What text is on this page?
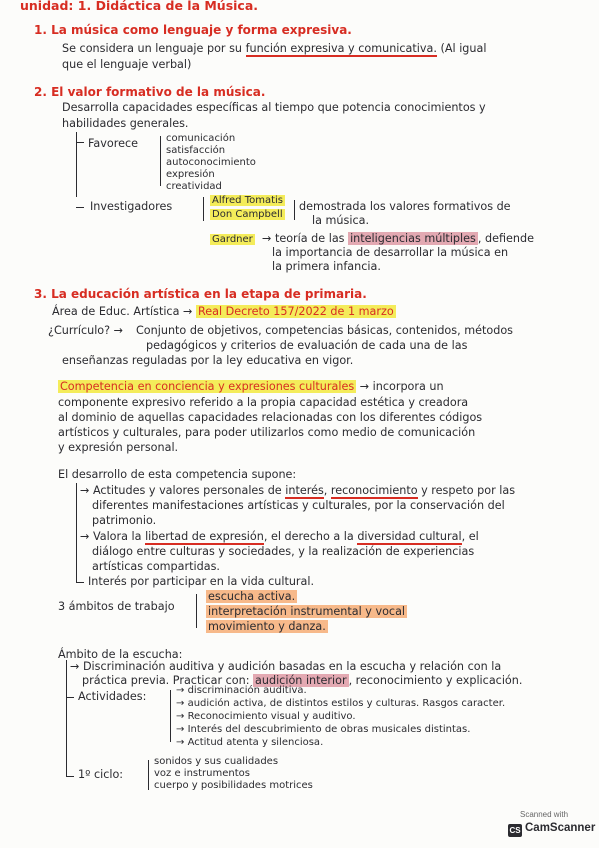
unidad: 1. Didáctica de la Música.
1. La música como lenguaje y forma expresiva.
Se considera un lenguaje por su función expresiva y comunicativa. (Al igual
que el lenguaje verbal)
2. El valor formativo de la música.
Desarrolla capacidades específicas al tiempo que potencia conocimientos y
habilidades generales.
Favorece	comunicación
satisfacción
autoconocimiento
expresión
creatividad
Investigadores	Alfred Tomatis
Don Campbell
demostrada los valores formativos de
la música.
Gardner → teoría de las inteligencias múltiples , defiende
la importancia de desarrollar la música en
la primera infancia.
3. La educación artística en la etapa de primaria.
Área de Educ. Artística → Real Decreto 157/2022 de 1 marzo
¿Currículo? → Conjunto de objetivos, competencias básicas, contenidos, métodos
pedagógicos y criterios de evaluación de cada una de las
enseñanzas reguladas por la ley educativa en vigor.
Competencia en conciencia y expresiones culturales → incorpora un
componente expresivo referido a la propia capacidad estética y creadora
al dominio de aquellas capacidades relacionadas con los diferentes códigos
artísticos y culturales, para poder utilizarlos como medio de comunicación
y expresión personal.
El desarrollo de esta competencia supone:
→ Actitudes y valores personales de interés, reconocimiento y respeto por las
diferentes manifestaciones artísticas y culturales, por la conservación del
patrimonio.
→ Valora la libertad de expresión, el derecho a la diversidad cultural, el
diálogo entre culturas y sociedades, y la realización de experiencias
artísticas compartidas.
Interés por participar en la vida cultural.
3 ámbitos de trabajo
escucha activa.
interpretación instrumental y vocal
movimiento y danza.
Ámbito de la escucha:
→ Discriminación auditiva y audición basadas en la escucha y relación con la
práctica previa. Practicar con: audición interior , reconocimiento y explicación.
Actividades:	→ discriminación auditiva.
→ audición activa, de distintos estilos y culturas. Rasgos caracter.
→ Reconocimiento visual y auditivo.
→ Interés del descubrimiento de obras musicales distintas.
→ Actitud atenta y silenciosa.
1º ciclo:
sonidos y sus cualidades
voz e instrumentos
cuerpo y posibilidades motrices
Scanned with
CS CamScanner
